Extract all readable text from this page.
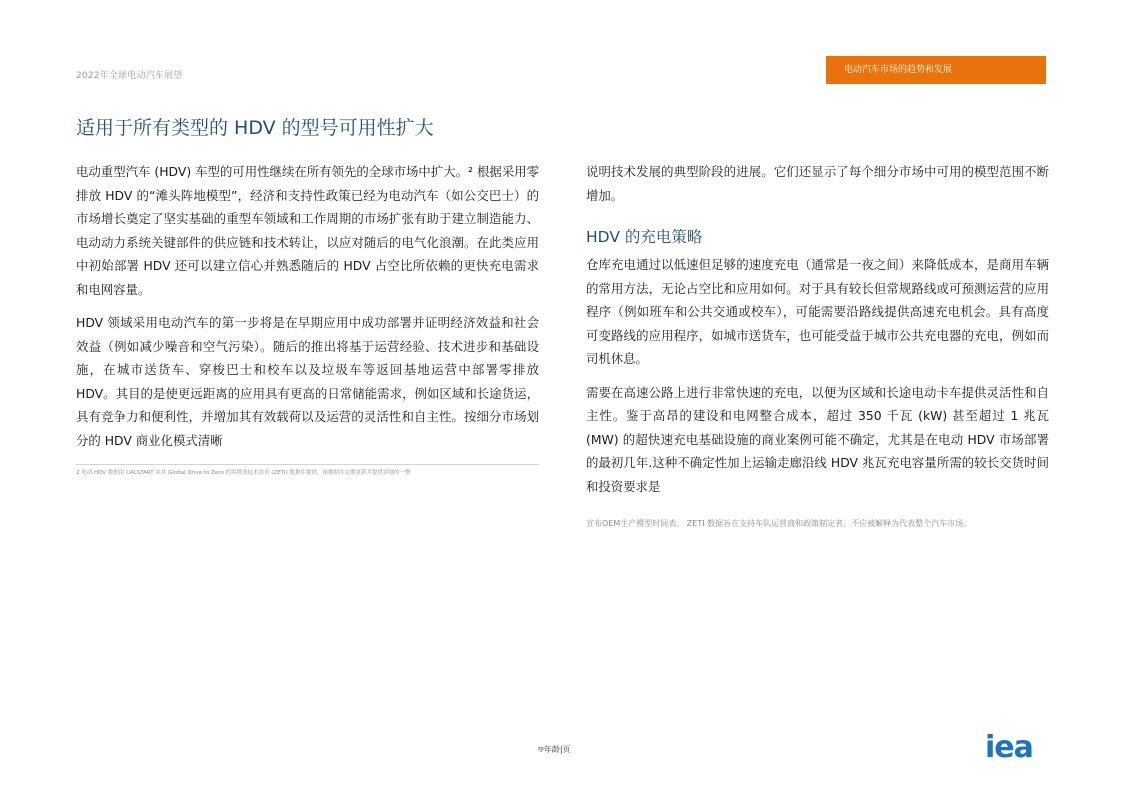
2022年全球电动汽车展望
电动汽车市场的趋势和发展
适用于所有类型的 HDV 的型号可用性扩大

电动重型汽车 (HDV) 车型的可用性继续在所有领先的全球市场中扩大。² 根据采用零排放 HDV 的“滩头阵地模型”，经济和支持性政策已经为电动汽车（如公交巴士）的市场增长奠定了坚实基础的重型车领域和工作周期的市场扩张有助于建立制造能力、电动动力系统关键部件的供应链和技术转让，以应对随后的电气化浪潮。在此类应用中初始部署 HDV 还可以建立信心并熟悉随后的 HDV 占空比所依赖的更快充电需求和电网容量。

HDV 领域采用电动汽车的第一步将是在早期应用中成功部署并证明经济效益和社会效益（例如减少噪音和空气污染）。随后的推出将基于运营经验、技术进步和基础设施，在城市送货车、穿梭巴士和校车以及垃圾车等返回基地运营中部署零排放 HDV。其目的是使更远距离的应用具有更高的日常储能需求，例如区域和长途货运，具有竞争力和便利性，并增加其有效载荷以及运营的灵活性和自主性。按细分市场划分的 HDV 商业化模式清晰

2 电动 HDV 数据由 CALSTART 从其 Global Drive to Zero 的零排放技术清单 (ZETI) 数据库提供，该数据库定期更新并提供详细的一瞥

说明技术发展的典型阶段的进展。它们还显示了每个细分市场中可用的模型范围不断增加。

HDV 的充电策略

仓库充电通过以低速但足够的速度充电（通常是一夜之间）来降低成本，是商用车辆的常用方法，无论占空比和应用如何。对于具有较长但常规路线或可预测运营的应用程序（例如班车和公共交通或校车），可能需要沿路线提供高速充电机会。具有高度可变路线的应用程序，如城市送货车，也可能受益于城市公共充电器的充电，例如而司机休息。

需要在高速公路上进行非常快速的充电，以便为区域和长途电动卡车提供灵活性和自主性。鉴于高昂的建设和电网整合成本，超过 350 千瓦 (kW) 甚至超过 1 兆瓦 (MW) 的超快速充电基础设施的商业案例可能不确定，尤其是在电动 HDV 市场部署的最初几年.这种不确定性加上运输走廊沿线 HDV 兆瓦充电容量所需的较长交货时间和投资要求是

宣布OEM生产模型时间表。 ZETI 数据旨在支持车队运营商和政策制定者，不应被解释为代表整个汽车市场。
ফ年龄|页	iea
